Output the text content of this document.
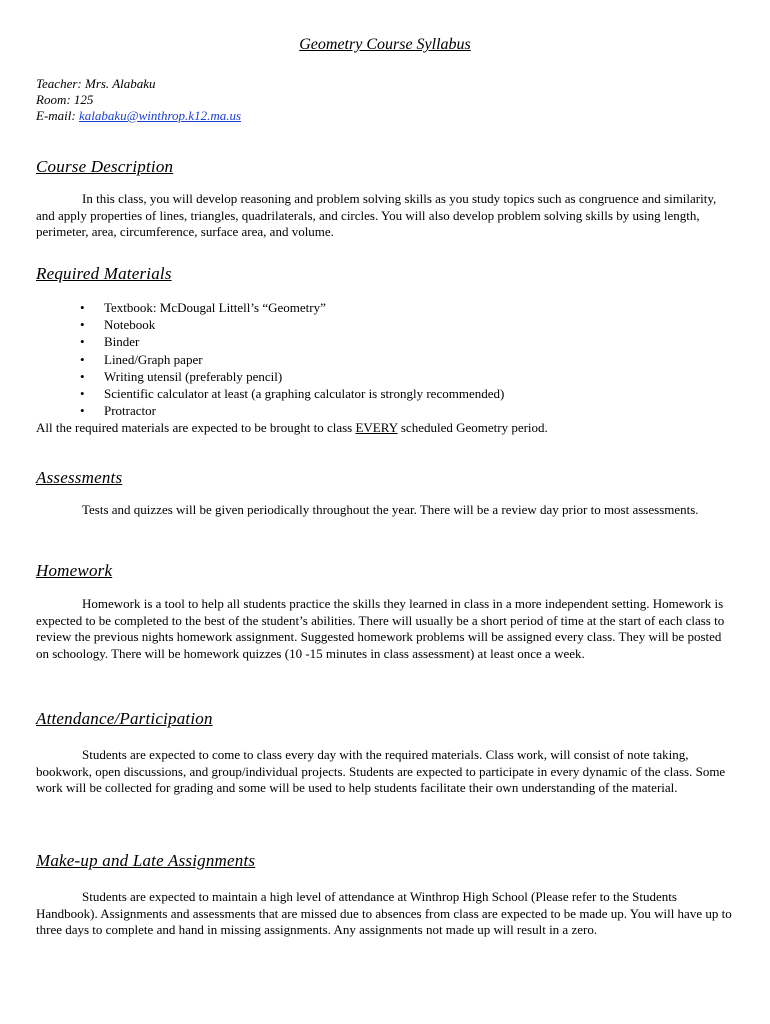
Geometry Course Syllabus
Teacher: Mrs. Alabaku
Room: 125
E-mail: kalabaku@winthrop.k12.ma.us
Course Description

In this class, you will develop reasoning and problem solving skills as you study topics such as congruence and similarity, and apply properties of lines, triangles, quadrilaterals, and circles. You will also develop problem solving skills by using length, perimeter, area, circumference, surface area, and volume.

Required Materials
• Textbook: McDougal Littell’s “Geometry”
• Notebook
• Binder
• Lined/Graph paper
• Writing utensil (preferably pencil)
• Scientific calculator at least (a graphing calculator is strongly recommended)
• Protractor

All the required materials are expected to be brought to class EVERY scheduled Geometry period.

Assessments

Tests and quizzes will be given periodically throughout the year. There will be a review day prior to most assessments.

Homework

Homework is a tool to help all students practice the skills they learned in class in a more independent setting. Homework is expected to be completed to the best of the student’s abilities. There will usually be a short period of time at the start of each class to review the previous nights homework assignment. Suggested homework problems will be assigned every class. They will be posted on schoology. There will be homework quizzes (10 -15 minutes in class assessment) at least once a week.

Attendance/Participation

Students are expected to come to class every day with the required materials. Class work, will consist of note taking, bookwork, open discussions, and group/individual projects. Students are expected to participate in every dynamic of the class. Some work will be collected for grading and some will be used to help students facilitate their own understanding of the material.

Make-up and Late Assignments

Students are expected to maintain a high level of attendance at Winthrop High School (Please refer to the Students Handbook). Assignments and assessments that are missed due to absences from class are expected to be made up. You will have up to three days to complete and hand in missing assignments. Any assignments not made up will result in a zero.
